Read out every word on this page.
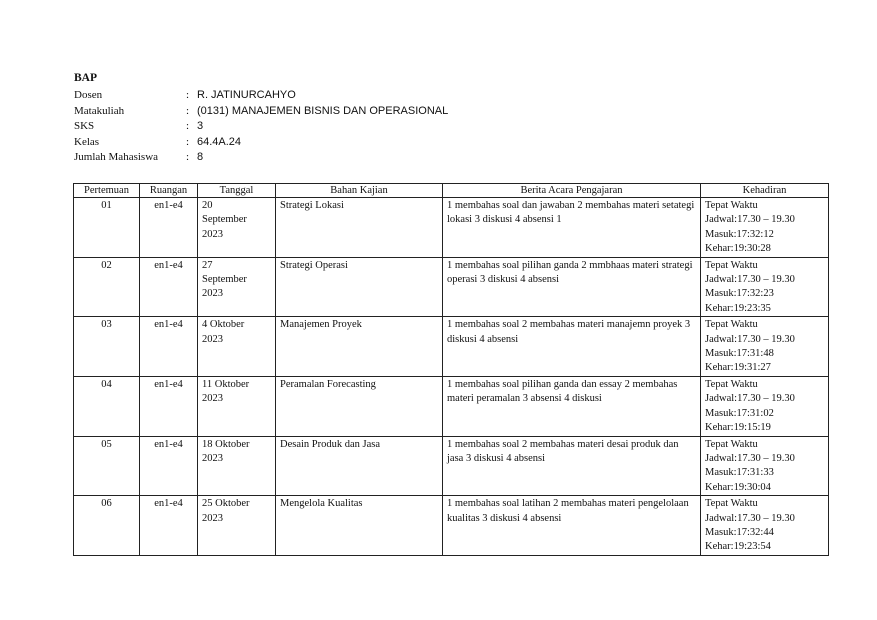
BAP
Dosen	: R. JATINURCAHYO
Matakuliah	: (0131) MANAJEMEN BISNIS DAN OPERASIONAL
SKS	: 3
Kelas	: 64.4A.24
Jumlah Mahasiswa	: 8
Pertemuan	Ruangan	Tanggal	Bahan Kajian	Berita Acara Pengajaran	Kehadiran
01	en1-e4	20
September
2023	Strategi Lokasi	1 membahas soal dan jawaban 2 membahas materi setategi lokasi 3 diskusi 4 absensi 1	Tepat Waktu
Jadwal:17.30 – 19.30
Masuk:17:32:12
Kehar:19:30:28
02	en1-e4	27
September
2023	Strategi Operasi	1 membahas soal pilihan ganda 2 mmbhaas materi strategi operasi 3 diskusi 4 absensi	Tepat Waktu
Jadwal:17.30 – 19.30
Masuk:17:32:23
Kehar:19:23:35
03	en1-e4	4 Oktober
2023	Manajemen Proyek	1 membahas soal 2 membahas materi manajemn proyek 3 diskusi 4 absensi	Tepat Waktu
Jadwal:17.30 – 19.30
Masuk:17:31:48
Kehar:19:31:27
04	en1-e4	11 Oktober
2023	Peramalan Forecasting	1 membahas soal pilihan ganda dan essay 2 membahas materi peramalan 3 absensi 4 diskusi	Tepat Waktu
Jadwal:17.30 – 19.30
Masuk:17:31:02
Kehar:19:15:19
05	en1-e4	18 Oktober
2023	Desain Produk dan Jasa	1 membahas soal 2 membahas materi desai produk dan jasa 3 diskusi 4 absensi	Tepat Waktu
Jadwal:17.30 – 19.30
Masuk:17:31:33
Kehar:19:30:04
06	en1-e4	25 Oktober
2023	Mengelola Kualitas	1 membahas soal latihan 2 membahas materi pengelolaan kualitas 3 diskusi 4 absensi	Tepat Waktu
Jadwal:17.30 – 19.30
Masuk:17:32:44
Kehar:19:23:54
